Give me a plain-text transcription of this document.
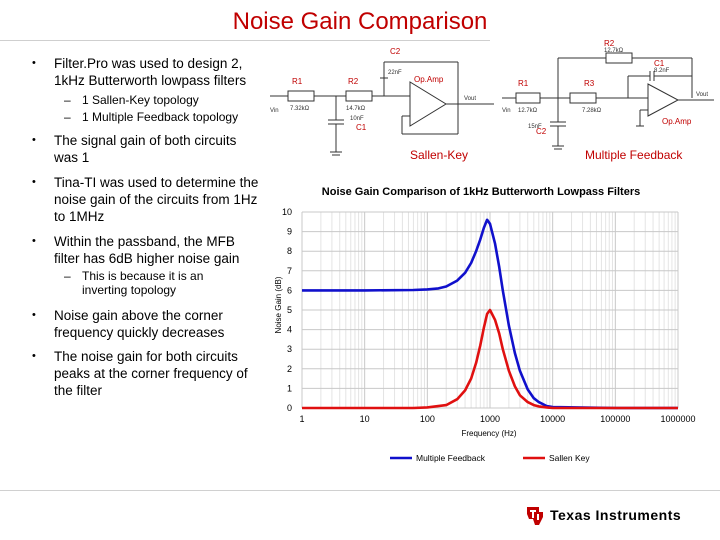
Noise Gain Comparison
• Filter.Pro was used to design 2, 1kHz Butterworth lowpass filters
– 1 Sallen-Key topology
– 1 Multiple Feedback topology
• The signal gain of both circuits was 1
• Tina-TI was used to determine the noise gain of the circuits from 1Hz to 1MHz
• Within the passband, the MFB filter has 6dB higher noise gain
– This is because it is an inverting topology
• Noise gain above the corner frequency quickly decreases
• The noise gain for both circuits peaks at the corner frequency of the filter
C2
R1	R2	Op.Amp
C1
22nF
7.32kΩ	14.7kΩ
10nF
Vin
Vout
Sallen-Key
R2
C1
R1	R3
C2
Op.Amp
12.7kΩ
8.2nF
12.7kΩ	7.28kΩ
15nF
Vin
Vout
Multiple Feedback
Noise Gain Comparison of 1kHz Butterworth Lowpass Filters
Noise Gain (dB)
Frequency (Hz)
0
1
2
3
4
5
6
7
8
9
10
1	10	100	1000	10000	100000	1000000
Multiple Feedback	Sallen Key
Texas Instruments
